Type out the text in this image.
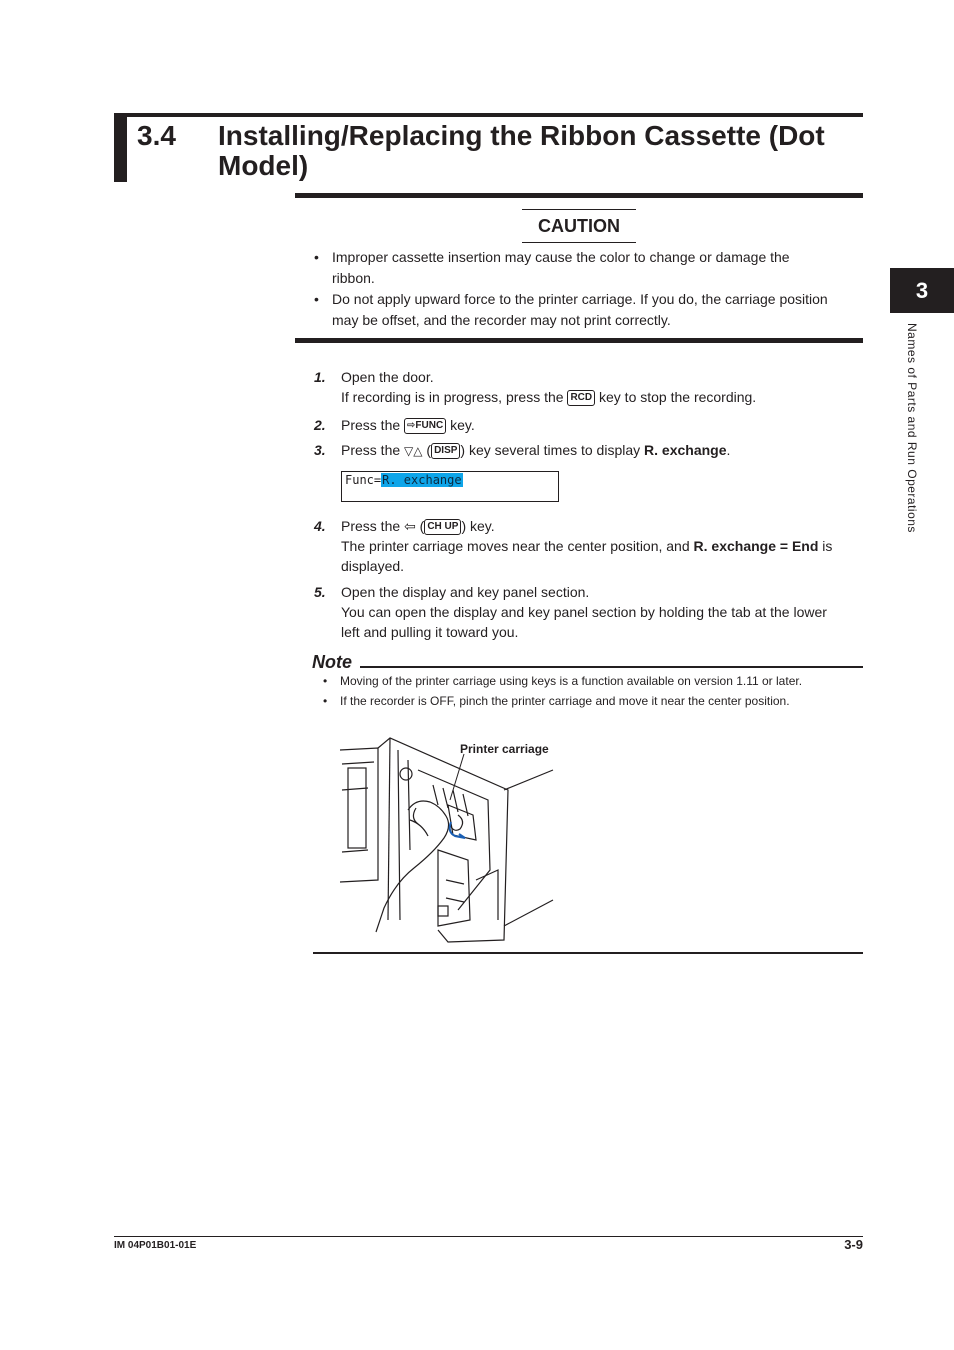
3.4 Installing/Replacing the Ribbon Cassette (Dot Model)
CAUTION
• Improper cassette insertion may cause the color to change or damage the
ribbon.
• Do not apply upward force to the printer carriage. If you do, the carriage position
may be offset, and the recorder may not print correctly.
1. Open the door.
If recording is in progress, press the RCD key to stop the recording.
2. Press the ⇨FUNC key.
3. Press the ▽△ ( DISP ) key several times to display R. exchange.
Func=R. exchange
4. Press the ⇦ ( CH UP ) key.
The printer carriage moves near the center position, and R. exchange = End is
displayed.
5. Open the display and key panel section.
You can open the display and key panel section by holding the tab at the lower
left and pulling it toward you.
Note
• Moving of the printer carriage using keys is a function available on version 1.11 or later.
• If the recorder is OFF, pinch the printer carriage and move it near the center position.
Printer carriage
3
Names of Parts and Run Operations
IM 04P01B01-01E	3-9
